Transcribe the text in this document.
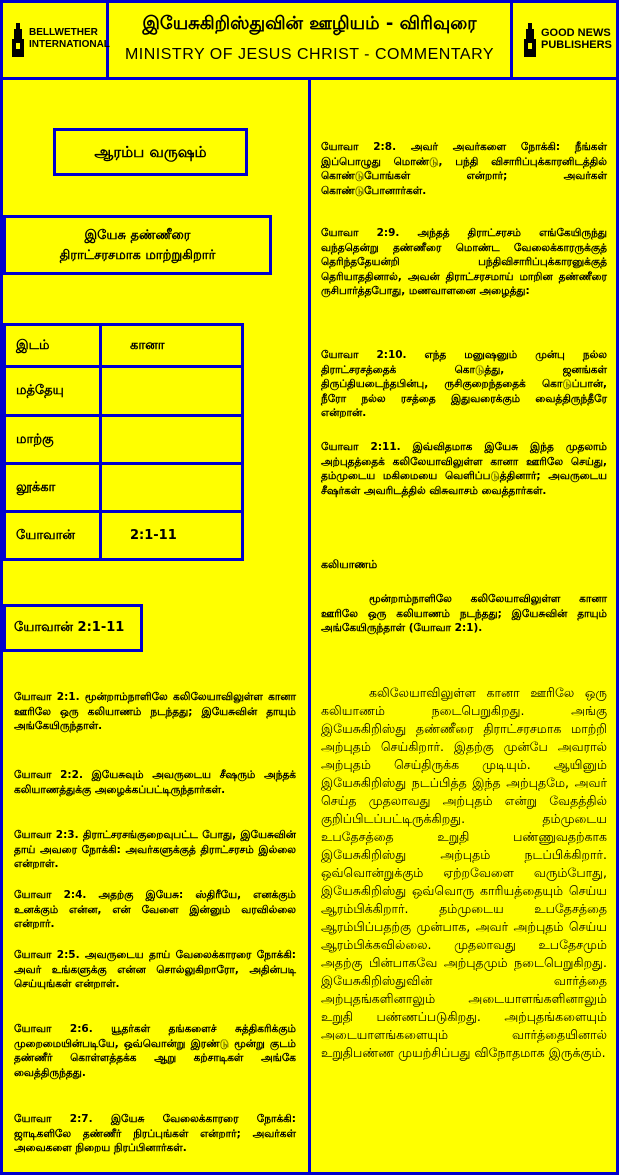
BELLWETHER INTERNATIONAL
இயேசுகிறிஸ்துவின் ஊழியம் - விரிவுரை
MINISTRY OF JESUS CHRIST - COMMENTARY
GOOD NEWS PUBLISHERS
ஆரம்ப வருஷம்
இயேசு தண்ணீரை
திராட்சரசமாக மாற்றுகிறார்
இடம்	கானா
மத்தேயு	
மாற்கு	
லூக்கா	
யோவான்	2:1-11
யோவான் 2:1-11
யோவா 2:1. மூன்றாம்நாளிலே கலிலேயாவிலுள்ள கானா ஊரிலே ஒரு கலியாணம் நடந்தது; இயேசுவின் தாயும் அங்கேயிருந்தாள்.
யோவா 2:2. இயேசுவும் அவருடைய சீஷரும் அந்தக் கலியாணத்துக்கு அழைக்கப்பட்டிருந்தார்கள்.
யோவா 2:3. திராட்சரசங்குறைவுபட்ட போது, இயேசுவின் தாய் அவரை நோக்கி: அவர்களுக்குத் திராட்சரசம் இல்லை என்றாள்.
யோவா 2:4. அதற்கு இயேசு: ஸ்திரீயே, எனக்கும் உனக்கும் என்ன, என் வேளை இன்னும் வரவில்லை என்றார்.
யோவா 2:5. அவருடைய தாய் வேலைக்காரரை நோக்கி: அவர் உங்களுக்கு என்ன சொல்லுகிறாரோ, அதின்படி செய்யுங்கள் என்றாள்.
யோவா 2:6. யூதர்கள் தங்களைச் சுத்திகரிக்கும் முறைமையின்படியே, ஒவ்வொன்று இரண்டு மூன்று குடம் தண்ணீர் கொள்ளத்தக்க ஆறு கற்சாடிகள் அங்கே வைத்திருந்தது.
யோவா 2:7. இயேசு வேலைக்காரரை நோக்கி: ஜாடிகளிலே தண்ணீர் நிரப்புங்கள் என்றார்; அவர்கள் அவைகளை நிறைய நிரப்பினார்கள்.
யோவா 2:8. அவர் அவர்களை நோக்கி: நீங்கள் இப்பொழுது மொண்டு, பந்தி விசாரிப்புக்காரனிடத்தில் கொண்டுபோங்கள் என்றார்; அவர்கள் கொண்டுபோனார்கள்.
யோவா 2:9. அந்தத் திராட்சரசம் எங்கேயிருந்து வந்ததென்று தண்ணீரை மொண்ட வேலைக்காரருக்குத் தெரிந்ததேயன்றி பந்திவிசாரிப்புக்காரனுக்குத் தெரியாததினால், அவன் திராட்சரசமாய் மாறின தண்ணீரை ருசிபார்த்தபோது, மணவாளனை அழைத்து:
யோவா 2:10. எந்த மனுஷனும் முன்பு நல்ல திராட்சரசத்தைக் கொடுத்து, ஜனங்கள் திருப்தியடைந்தபின்பு, ருசிகுறைந்ததைக் கொடுப்பான், நீரோ நல்ல ரசத்தை இதுவரைக்கும் வைத்திருந்தீரே என்றான்.
யோவா 2:11. இவ்விதமாக இயேசு இந்த முதலாம் அற்புதத்தைக் கலிலேயாவிலுள்ள கானா ஊரிலே செய்து, தம்முடைய மகிமையை வெளிப்படுத்தினார்; அவருடைய சீஷர்கள் அவரிடத்தில் விசுவாசம் வைத்தார்கள்.
கலியாணம்
மூன்றாம்நாளிலே கலிலேயாவிலுள்ள கானா ஊரிலே ஒரு கலியாணம் நடந்தது; இயேசுவின் தாயும் அங்கேயிருந்தாள் (யோவா 2:1).
கலிலேயாவிலுள்ள கானா ஊரிலே ஒரு கலியாணம் நடைபெறுகிறது. அங்கு இயேசுகிறிஸ்து தண்ணீரை திராட்சரசமாக மாற்றி அற்புதம் செய்கிறார். இதற்கு முன்பே அவரால் அற்புதம் செய்திருக்க முடியும். ஆயினும் இயேசுகிறிஸ்து நடப்பித்த இந்த அற்புதமே, அவர் செய்த முதலாவது அற்புதம் என்று வேதத்தில் குறிப்பிடப்பட்டிருக்கிறது. தம்முடைய உபதேசத்தை உறுதி பண்ணுவதற்காக இயேசுகிறிஸ்து அற்புதம் நடப்பிக்கிறார். ஒவ்வொன்றுக்கும் ஏற்றவேளை வரும்போது, இயேசுகிறிஸ்து ஒவ்வொரு காரியத்தையும் செய்ய ஆரம்பிக்கிறார். தம்முடைய உபதேசத்தை ஆரம்பிப்பதற்கு முன்பாக, அவர் அற்புதம் செய்ய ஆரம்பிக்கவில்லை. முதலாவது உபதேசமும் அதற்கு பின்பாகவே அற்புதமும் நடைபெறுகிறது. இயேசுகிறிஸ்துவின் வார்த்தை அற்புதங்களினாலும் அடையாளங்களினாலும் உறுதி பண்ணப்படுகிறது. அற்புதங்களையும் அடையாளங்களையும் வார்த்தையினால் உறுதிபண்ண முயற்சிப்பது விநோதமாக இருக்கும்.
